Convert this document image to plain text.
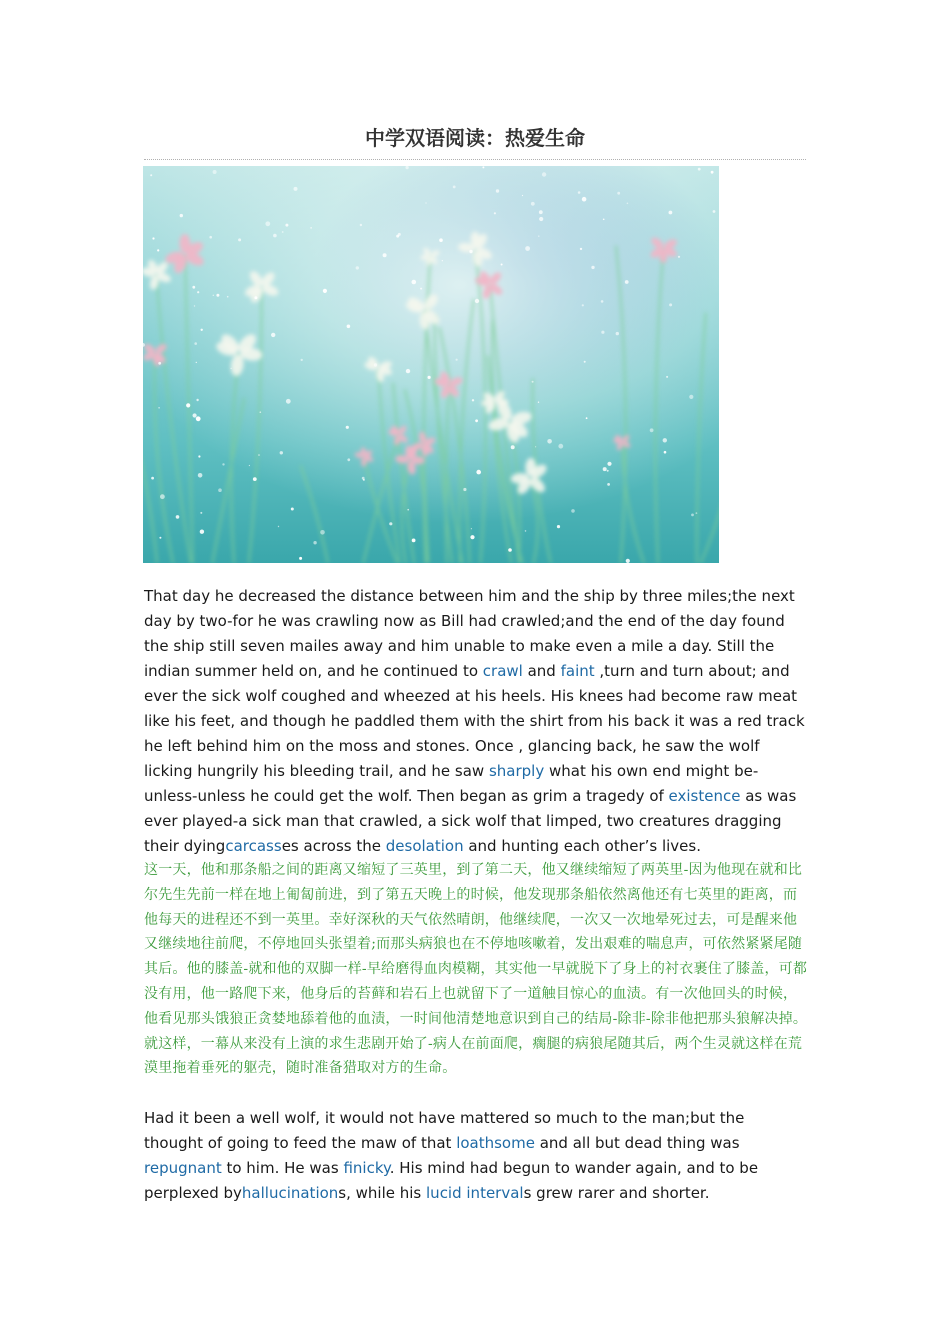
中学双语阅读：热爱生命

That day he decreased the distance between him and the ship by three miles;the next day by two-for he was crawling now as Bill had crawled;and the end of the day found the ship still seven mailes away and him unable to make even a mile a day. Still the indian summer held on, and he continued to crawl and faint ,turn and turn about; and ever the sick wolf coughed and wheezed at his heels. His knees had become raw meat like his feet, and though he paddled them with the shirt from his back it was a red track he left behind him on the moss and stones. Once , glancing back, he saw the wolf licking hungrily his bleeding trail, and he saw sharply what his own end might be-unless-unless he could get the wolf. Then began as grim a tragedy of existence as was ever played-a sick man that crawled, a sick wolf that limped, two creatures dragging their dyingcarcasses across the desolation and hunting each other’s lives.

这一天，他和那条船之间的距离又缩短了三英里，到了第二天，他又继续缩短了两英里-因为他现在就和比尔先生先前一样在地上匍匐前进，到了第五天晚上的时候，他发现那条船依然离他还有七英里的距离，而他每天的进程还不到一英里。幸好深秋的天气依然晴朗，他继续爬，一次又一次地晕死过去，可是醒来他又继续地往前爬，不停地回头张望着;而那头病狼也在不停地咳嗽着，发出艰难的喘息声，可依然紧紧尾随其后。他的膝盖-就和他的双脚一样-早给磨得血肉模糊，其实他一早就脱下了身上的衬衣裹住了膝盖，可都没有用，他一路爬下来，他身后的苔藓和岩石上也就留下了一道触目惊心的血渍。有一次他回头的时候，他看见那头饿狼正贪婪地舔着他的血渍，一时间他清楚地意识到自己的结局-除非-除非他把那头狼解决掉。就这样，一幕从来没有上演的求生悲剧开始了-病人在前面爬，瘸腿的病狼尾随其后，两个生灵就这样在荒漠里拖着垂死的躯壳，随时准备猎取对方的生命。

Had it been a well wolf, it would not have mattered so much to the man;but the thought of going to feed the maw of that loathsome and all but dead thing was repugnant to him. He was finicky. His mind had begun to wander again, and to be perplexed byhallucinations, while his lucid intervals grew rarer and shorter.
